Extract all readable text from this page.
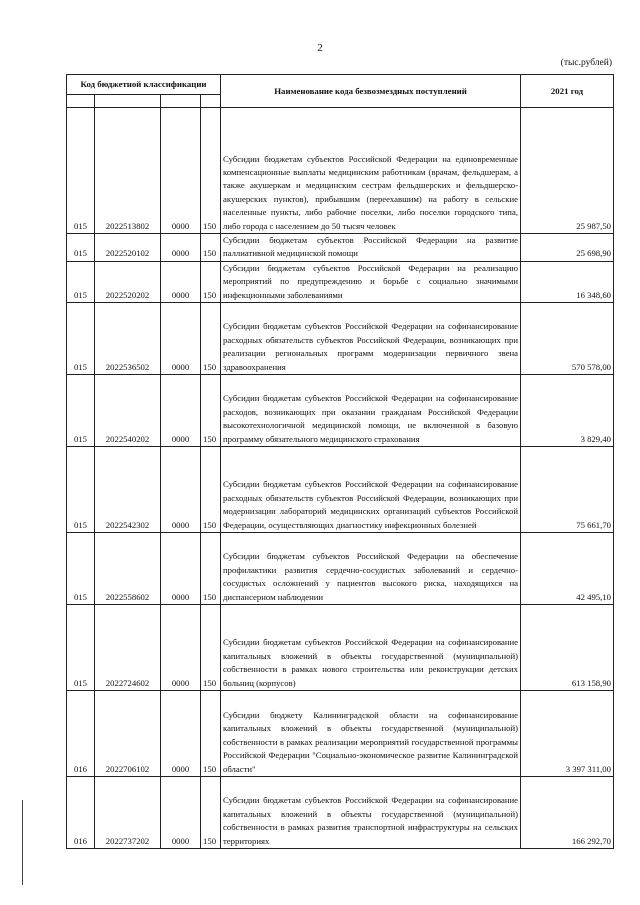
2
(тыс.рублей)
Код бюджетной классификации				Наименование кода безвозмездных поступлений	2021 год

015	2022513802	0000	150	Субсидии бюджетам субъектов Российской Федерации на единовременные компенсационные выплаты медицинским работникам (врачам, фельдшерам, а также акушеркам и медицинским сестрам фельдшерских и фельдшерско-акушерских пунктов), прибывшим (переехавшим) на работу в сельские населенные пункты, либо рабочие поселки, либо поселки городского типа, либо города с населением до 50 тысяч человек	25 987,50
015	2022520102	0000	150	Субсидии бюджетам субъектов Российской Федерации на развитие паллиативной медицинской помощи	25 698,90
015	2022520202	0000	150	Субсидии бюджетам субъектов Российской Федерации на реализацию мероприятий по предупреждению и борьбе с социально значимыми инфекционными заболеваниями	16 348,60
015	2022536502	0000	150	Субсидии бюджетам субъектов Российской Федерации на софинансирование расходных обязательств субъектов Российской Федерации, возникающих при реализации региональных программ модернизации первичного звена здравоохранения	570 578,00
015	2022540202	0000	150	Субсидии бюджетам субъектов Российской Федерации на софинансирование расходов, возникающих при оказании гражданам Российской Федерации высокотехнологичной медицинской помощи, не включенной в базовую программу обязательного медицинского страхования	3 829,40
015	2022542302	0000	150	Субсидии бюджетам субъектов Российской Федерации на софинансирование расходных обязательств субъектов Российской Федерации, возникающих при модернизации лабораторий медицинских организаций субъектов Российской Федерации, осуществляющих диагностику инфекционных болезней	75 661,70
015	2022558602	0000	150	Субсидии бюджетам субъектов Российской Федерации на обеспечение профилактики развития сердечно-сосудистых заболеваний и сердечно-сосудистых осложнений у пациентов высокого риска, находящихся на диспансерном наблюдении	42 495,10
015	2022724602	0000	150	Субсидии бюджетам субъектов Российской Федерации на софинансирование капитальных вложений в объекты государственной (муниципальной) собственности в рамках нового строительства или реконструкции детских больниц (корпусов)	613 158,90
016	2022706102	0000	150	Субсидии бюджету Калининградской области на софинансирование капитальных вложений в объекты государственной (муниципальной) собственности в рамках реализации мероприятий государственной программы Российской Федерации "Социально-экономическое развитие Калининградской области"	3 397 311,00
016	2022737202	0000	150	Субсидии бюджетам субъектов Российской Федерации на софинансирование капитальных вложений в объекты государственной (муниципальной) собственности в рамках развития транспортной инфраструктуры на сельских территориях	166 292,70
